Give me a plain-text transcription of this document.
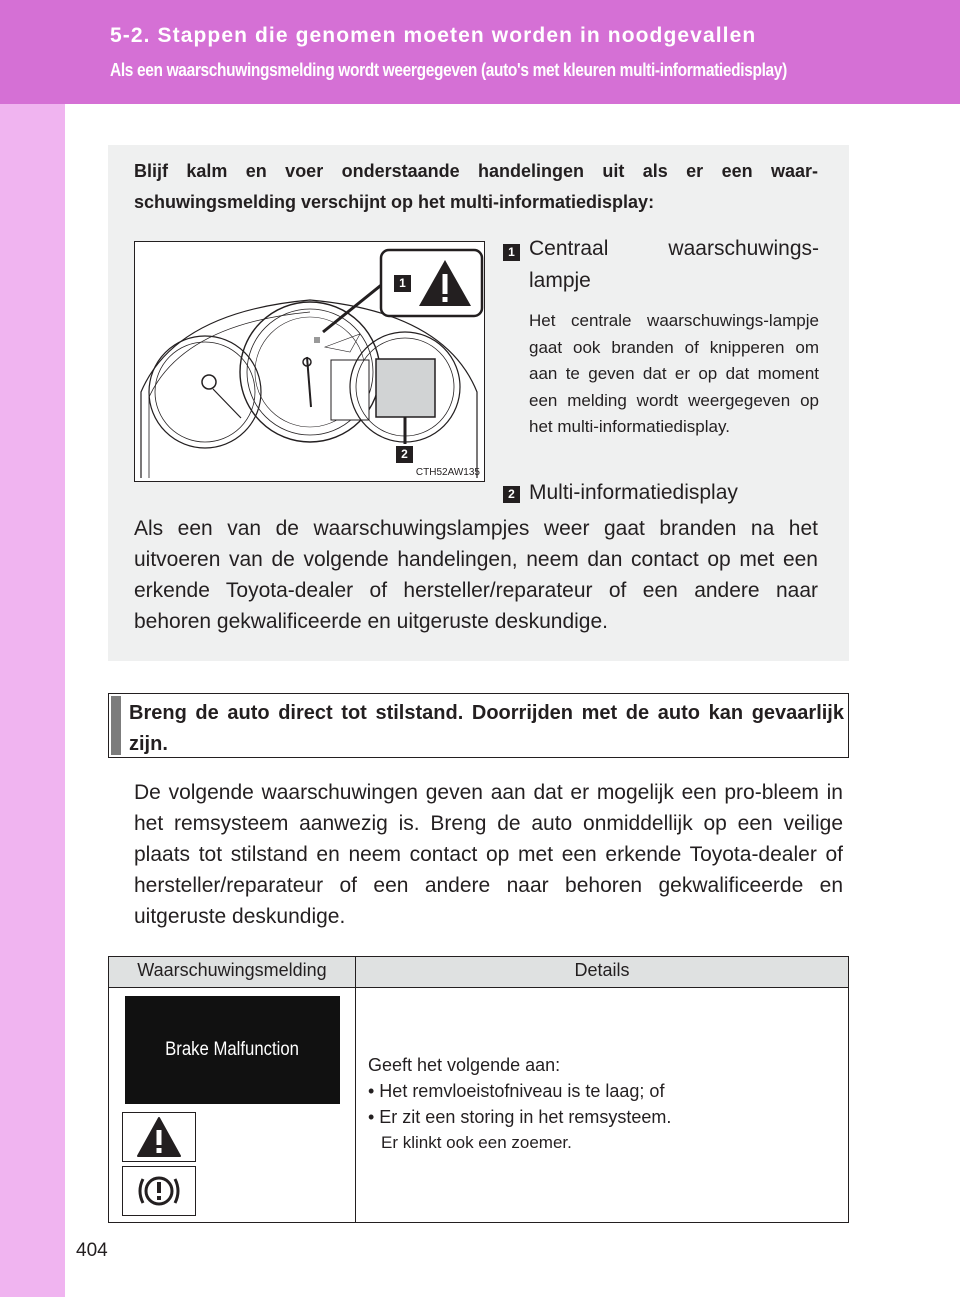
5-2. Stappen die genomen moeten worden in noodgevallen
Als een waarschuwingsmelding wordt weergegeven (auto's met kleuren multi-informatiedisplay)
Blijf kalm en voer onderstaande handelingen uit als er een waar-schuwingsmelding verschijnt op het multi-informatiedisplay:
1
2
CTH52AW135
1 Centraal waarschuwings-lampje
Het centrale waarschuwings-lampje gaat ook branden of knipperen om aan te geven dat er op dat moment een melding wordt weergegeven op het multi-informatiedisplay.
2 Multi-informatiedisplay
Als een van de waarschuwingslampjes weer gaat branden na het uitvoeren van de volgende handelingen, neem dan contact op met een erkende Toyota-dealer of hersteller/reparateur of een andere naar behoren gekwalificeerde en uitgeruste deskundige.
Breng de auto direct tot stilstand. Doorrijden met de auto kan gevaarlijk zijn.
De volgende waarschuwingen geven aan dat er mogelijk een pro-bleem in het remsysteem aanwezig is. Breng de auto onmiddellijk op een veilige plaats tot stilstand en neem contact op met een erkende Toyota-dealer of hersteller/reparateur of een andere naar behoren gekwalificeerde en uitgeruste deskundige.
Waarschuwingsmelding	Details

Brake Malfunction	Geeft het volgende aan:
• Het remvloeistofniveau is te laag; of
• Er zit een storing in het remsysteem.
Er klinkt ook een zoemer.
404
